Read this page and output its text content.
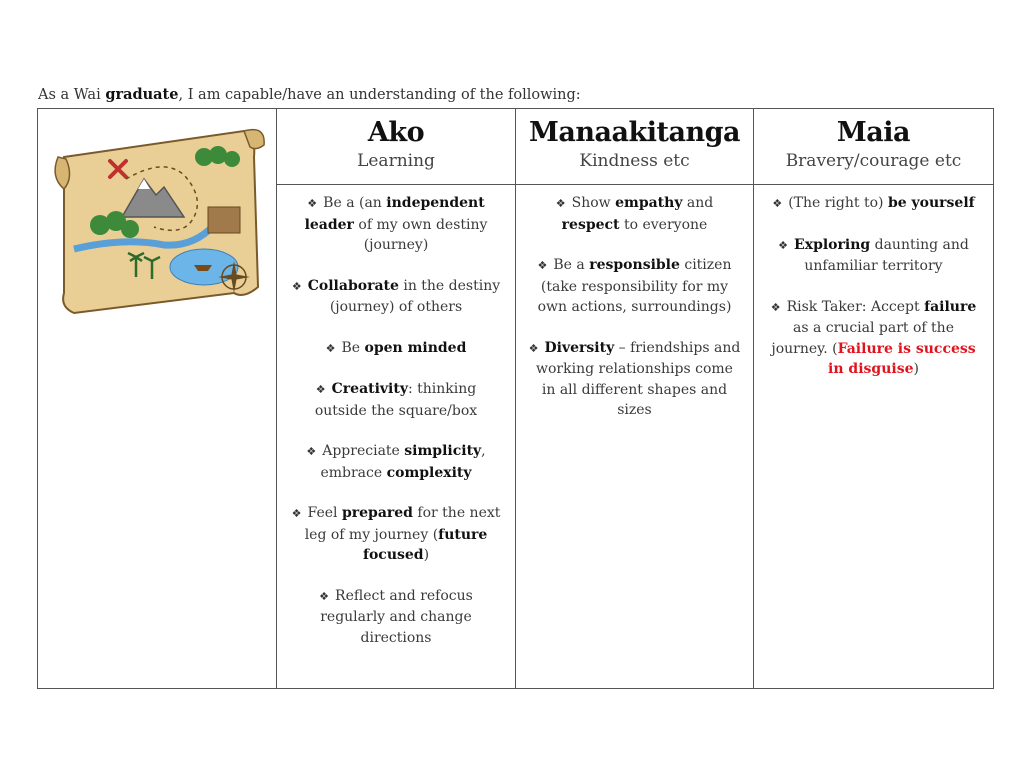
As a Wai graduate, I am capable/have an understanding of the following:
Ako
Learning
Manaakitanga
Kindness etc
Maia
Bravery/courage etc
❖ Be a (an independent leader of my own destiny (journey)
❖ Collaborate in the destiny (journey) of others
❖ Be open minded
❖ Creativity: thinking outside the square/box
❖ Appreciate simplicity, embrace complexity
❖ Feel prepared for the next leg of my journey (future focused)
❖ Reflect and refocus regularly and change directions
❖ Show empathy and respect to everyone
❖ Be a responsible citizen (take responsibility for my own actions, surroundings)
❖ Diversity – friendships and working relationships come in all different shapes and sizes
❖ (The right to) be yourself
❖ Exploring daunting and unfamiliar territory
❖ Risk Taker: Accept failure as a crucial part of the journey. (Failure is success in disguise)
